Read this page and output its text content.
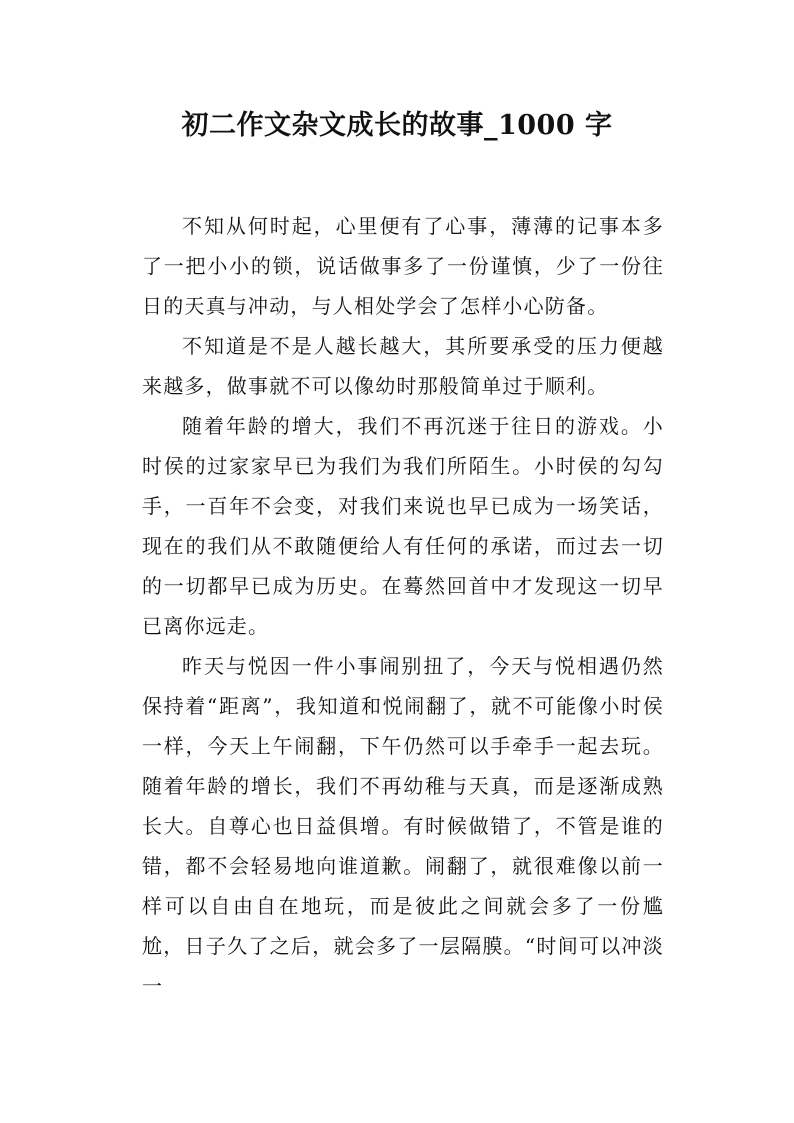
初二作文杂文成长的故事_1000 字

不知从何时起，心里便有了心事，薄薄的记事本多了一把小小的锁，说话做事多了一份谨慎，少了一份往日的天真与冲动，与人相处学会了怎样小心防备。

不知道是不是人越长越大，其所要承受的压力便越来越多，做事就不可以像幼时那般简单过于顺利。

随着年龄的增大，我们不再沉迷于往日的游戏。小时侯的过家家早已为我们为我们所陌生。小时侯的勾勾手，一百年不会变，对我们来说也早已成为一场笑话，现在的我们从不敢随便给人有任何的承诺，而过去一切的一切都早已成为历史。在蓦然回首中才发现这一切早已离你远走。

昨天与悦因一件小事闹别扭了，今天与悦相遇仍然保持着“距离”，我知道和悦闹翻了，就不可能像小时侯一样，今天上午闹翻，下午仍然可以手牵手一起去玩。随着年龄的增长，我们不再幼稚与天真，而是逐渐成熟长大。自尊心也日益俱增。有时候做错了，不管是谁的错，都不会轻易地向谁道歉。闹翻了，就很难像以前一样可以自由自在地玩，而是彼此之间就会多了一份尴尬，日子久了之后，就会多了一层隔膜。“时间可以冲淡一
